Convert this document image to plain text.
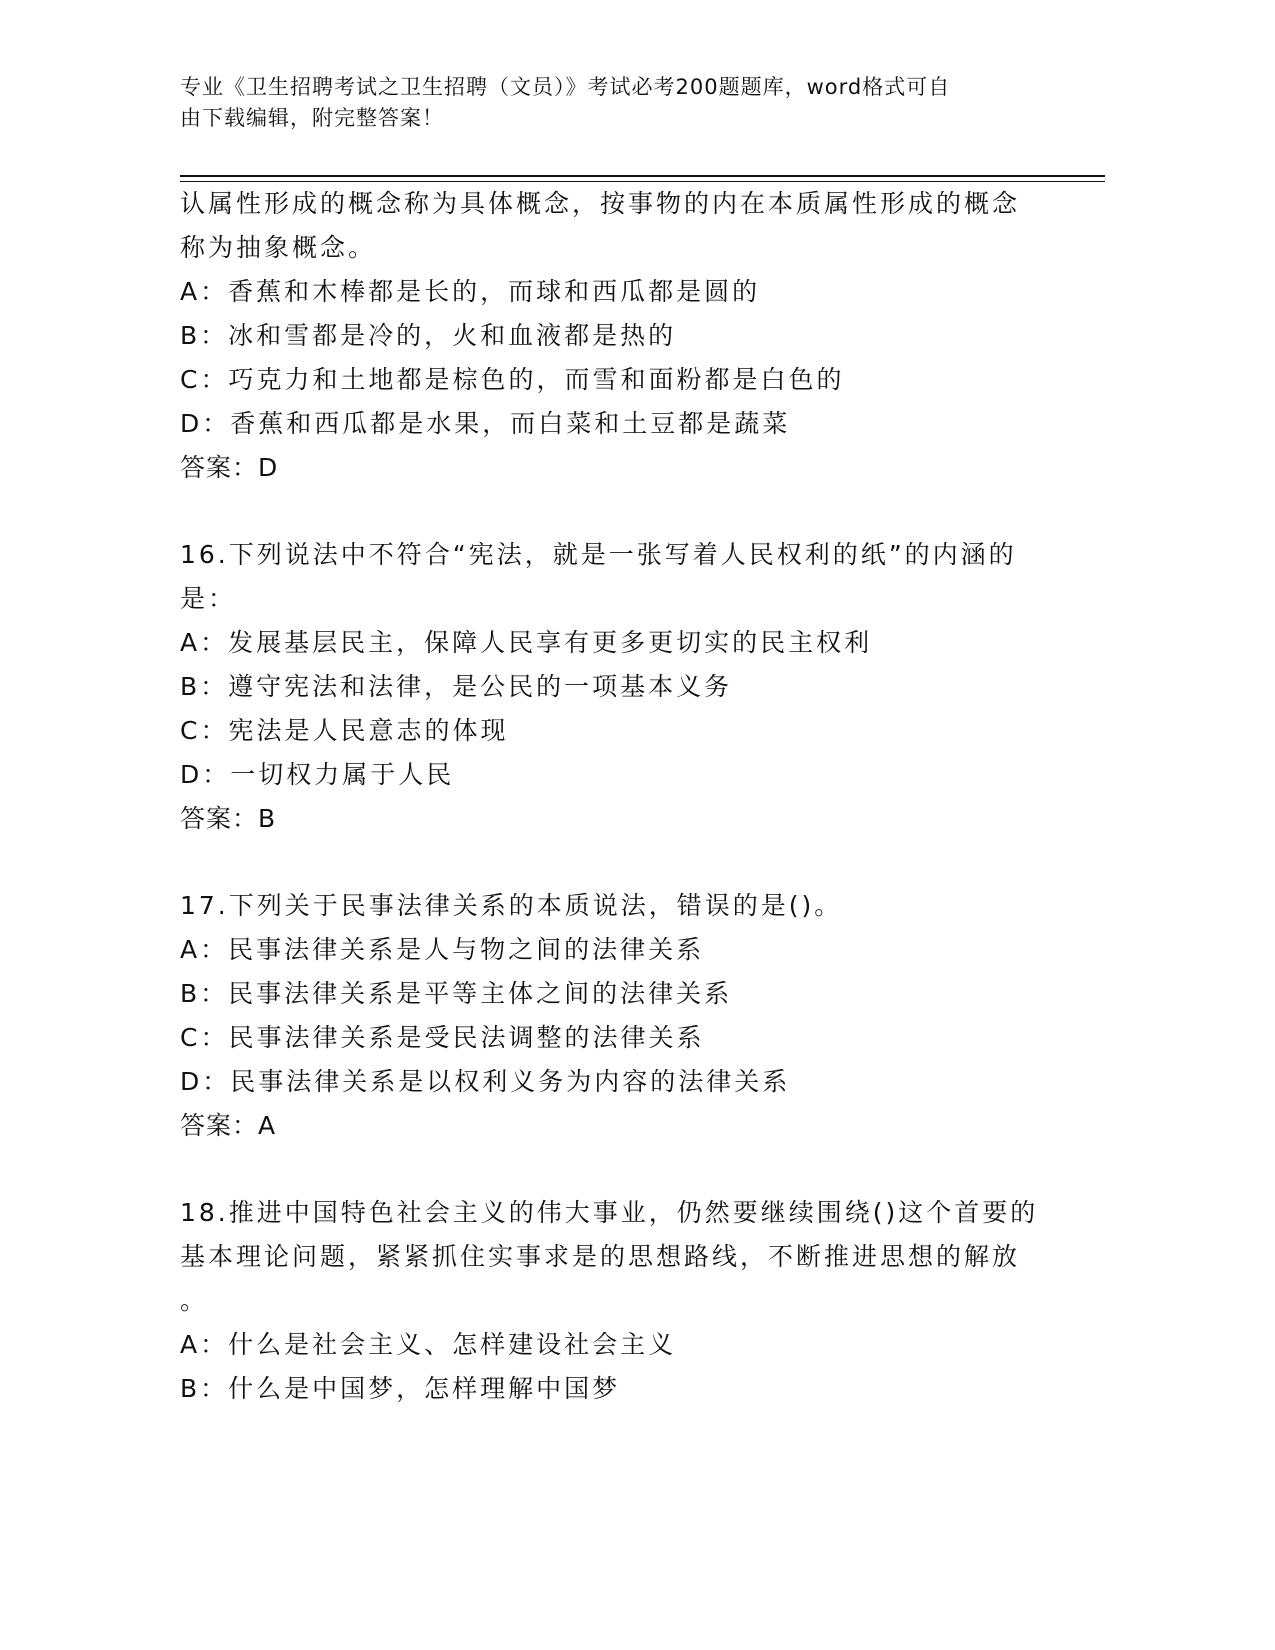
专业《卫生招聘考试之卫生招聘（文员）》考试必考200题题库，word格式可自
由下载编辑，附完整答案！
认属性形成的概念称为具体概念，按事物的内在本质属性形成的概念
称为抽象概念。
A：香蕉和木棒都是长的，而球和西瓜都是圆的
B：冰和雪都是冷的，火和血液都是热的
C：巧克力和土地都是棕色的，而雪和面粉都是白色的
D：香蕉和西瓜都是水果，而白菜和土豆都是蔬菜
答案：D
16.下列说法中不符合“宪法，就是一张写着人民权利的纸”的内涵的
是：
A：发展基层民主，保障人民享有更多更切实的民主权利
B：遵守宪法和法律，是公民的一项基本义务
C：宪法是人民意志的体现
D：一切权力属于人民
答案：B
17.下列关于民事法律关系的本质说法，错误的是()。
A：民事法律关系是人与物之间的法律关系
B：民事法律关系是平等主体之间的法律关系
C：民事法律关系是受民法调整的法律关系
D：民事法律关系是以权利义务为内容的法律关系
答案：A
18.推进中国特色社会主义的伟大事业，仍然要继续围绕()这个首要的
基本理论问题，紧紧抓住实事求是的思想路线，不断推进思想的解放
。
A：什么是社会主义、怎样建设社会主义
B：什么是中国梦，怎样理解中国梦
